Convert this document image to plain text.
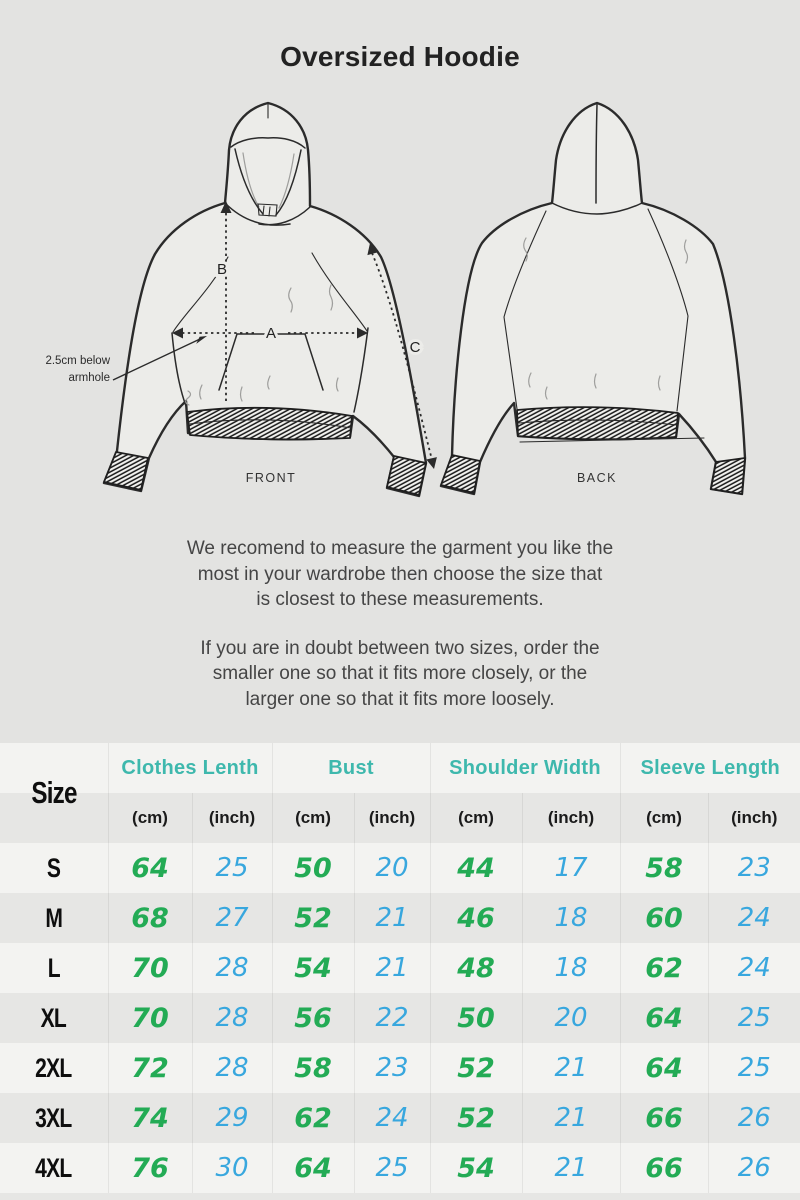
Oversized Hoodie
A
B
C
2.5cm below
armhole
FRONT	BACK
We recomend to measure the garment you like the
most in your wardrobe then choose the size that
is closest to these measurements.
If you are in doubt between two sizes, order the
smaller one so that it fits more closely, or the
larger one so that it fits more loosely.
Size	Clothes Lenth		Bust		Shoulder Width		Sleeve Length	
	(cm)	(inch)	(cm)	(inch)	(cm)	(inch)	(cm)	(inch)
S	64	25	50	20	44	17	58	23
M	68	27	52	21	46	18	60	24
L	70	28	54	21	48	18	62	24
XL	70	28	56	22	50	20	64	25
2XL	72	28	58	23	52	21	64	25
3XL	74	29	62	24	52	21	66	26
4XL	76	30	64	25	54	21	66	26
